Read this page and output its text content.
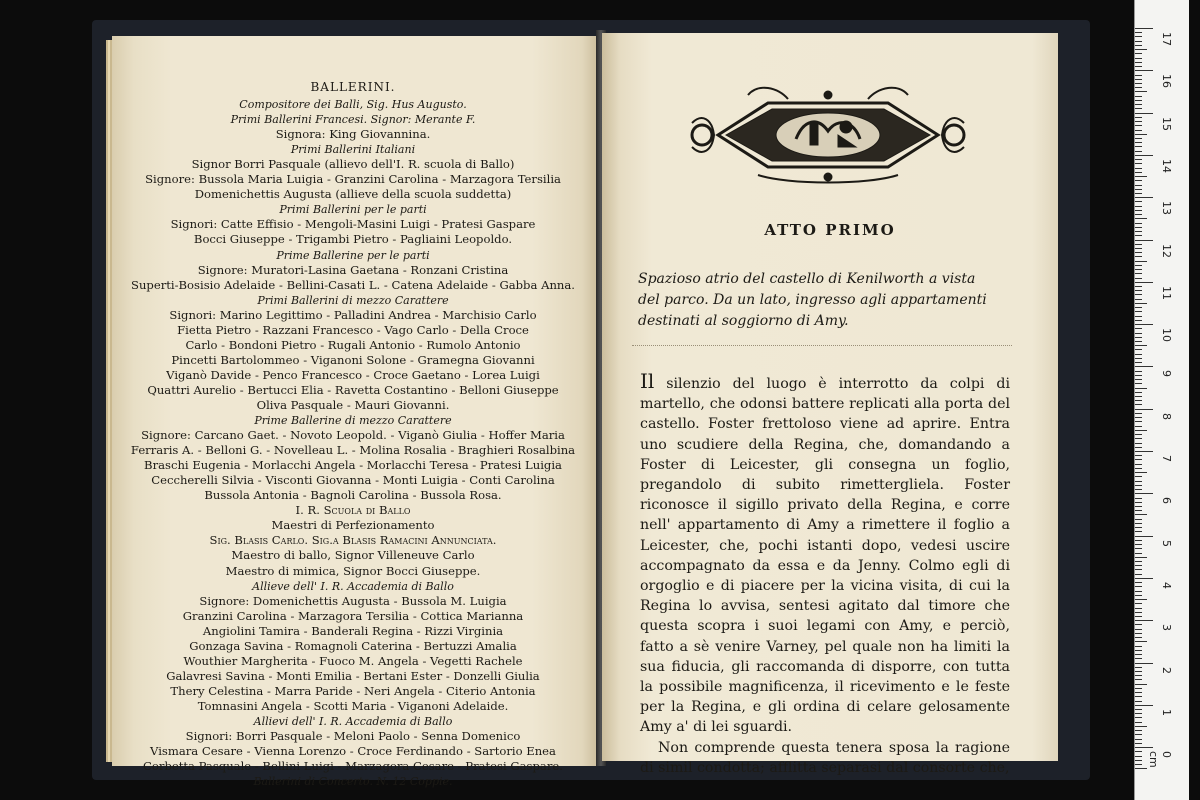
BALLERINI.
Compositore dei Balli, Sig. Hus Augusto.
Primi Ballerini Francesi. Signor: Merante F.
Signora: King Giovannina.
Primi Ballerini Italiani
Signor Borri Pasquale (allievo dell'I. R. scuola di Ballo)
Signore: Bussola Maria Luigia - Granzini Carolina - Marzagora Tersilia
Domenichettis Augusta (allieve della scuola suddetta)
Primi Ballerini per le parti
Signori: Catte Effisio - Mengoli-Masini Luigi - Pratesi Gaspare
Bocci Giuseppe - Trigambi Pietro - Pagliaini Leopoldo.
Prime Ballerine per le parti
Signore: Muratori-Lasina Gaetana - Ronzani Cristina
Superti-Bosisio Adelaide - Bellini-Casati L. - Catena Adelaide - Gabba Anna.
Primi Ballerini di mezzo Carattere
Signori: Marino Legittimo - Palladini Andrea - Marchisio Carlo
Fietta Pietro - Razzani Francesco - Vago Carlo - Della Croce
Carlo - Bondoni Pietro - Rugali Antonio - Rumolo Antonio
Pincetti Bartolommeo - Viganoni Solone - Gramegna Giovanni
Viganò Davide - Penco Francesco - Croce Gaetano - Lorea Luigi
Quattri Aurelio - Bertucci Elia - Ravetta Costantino - Belloni Giuseppe
Oliva Pasquale - Mauri Giovanni.
Prime Ballerine di mezzo Carattere
Signore: Carcano Gaet. - Novoto Leopold. - Viganò Giulia - Hoffer Maria
Ferraris A. - Belloni G. - Novelleau L. - Molina Rosalia - Braghieri Rosalbina
Braschi Eugenia - Morlacchi Angela - Morlacchi Teresa - Pratesi Luigia
Ceccherelli Silvia - Visconti Giovanna - Monti Luigia - Conti Carolina
Bussola Antonia - Bagnoli Carolina - Bussola Rosa.
I. R. Scuola di Ballo
Maestri di Perfezionamento
Sig. Blasis Carlo. Sig.a Blasis Ramacini Annunciata.
Maestro di ballo, Signor Villeneuve Carlo
Maestro di mimica, Signor Bocci Giuseppe.
Allieve dell' I. R. Accademia di Ballo
Signore: Domenichettis Augusta - Bussola M. Luigia
Granzini Carolina - Marzagora Tersilia - Cottica Marianna
Angiolini Tamira - Banderali Regina - Rizzi Virginia
Gonzaga Savina - Romagnoli Caterina - Bertuzzi Amalia
Wouthier Margherita - Fuoco M. Angela - Vegetti Rachele
Galavresi Savina - Monti Emilia - Bertani Ester - Donzelli Giulia
Thery Celestina - Marra Paride - Neri Angela - Citerio Antonia
Tomnasini Angela - Scotti Maria - Viganoni Adelaide.
Allievi dell' I. R. Accademia di Ballo
Signori: Borri Pasquale - Meloni Paolo - Senna Domenico
Vismara Cesare - Vienna Lorenzo - Croce Ferdinando - Sartorio Enea
Corbetta Pasquale - Bellini Luigi - Marzagora Cesare - Pratesi Gaspare.
Ballerini di Concerto. N. 12 Coppie.
ATTO PRIMO
Spazioso atrio del castello di Kenilworth a vista del parco. Da un lato, ingresso agli appartamenti destinati al soggiorno di Amy.

Il silenzio del luogo è interrotto da colpi di martello, che odonsi battere replicati alla porta del castello. Foster frettoloso viene ad aprire. Entra uno scudiere della Regina, che, domandando a Foster di Leicester, gli consegna un foglio, pregandolo di subito rimettergliela. Foster riconosce il sigillo privato della Regina, e corre nell' appartamento di Amy a rimettere il foglio a Leicester, che, pochi istanti dopo, vedesi uscire accompagnato da essa e da Jenny. Colmo egli di orgoglio e di piacere per la vicina visita, di cui la Regina lo avvisa, sentesi agitato dal timore che questa scopra i suoi legami con Amy, e perciò, fatto a sè venire Varney, pel quale non ha limiti la sua fiducia, gli raccomanda di disporre, con tutta la possibile magnificenza, il ricevimento e le feste per la Regina, e gli ordina di celare gelosamente Amy a' di lei sguardi.

Non comprende questa tenera sposa la ragione di simil condotta; afflitta separasi dal consorte che,

17
16
15
14
13
12
11
10
9
8
7
6
5
4
3
2
1
0 cm
